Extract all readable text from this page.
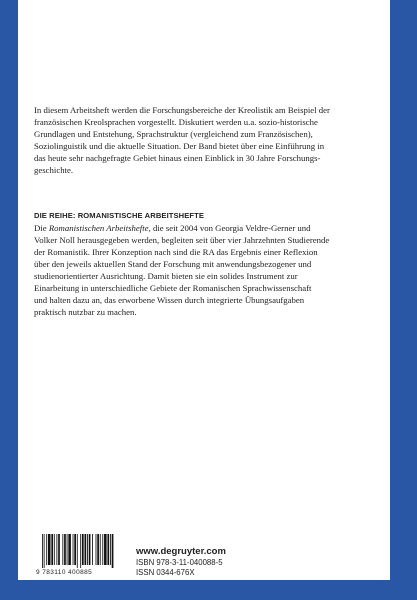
In diesem Arbeitsheft werden die Forschungsbereiche der Kreolistik am Beispiel der

französischen Kreolsprachen vorgestellt. Diskutiert werden u.a. sozio-historische

Grundlagen und Entstehung, Sprachstruktur (vergleichend zum Französischen),

Soziolinguistik und die aktuelle Situation. Der Band bietet über eine Einführung in

das heute sehr nachgefragte Gebiet hinaus einen Einblick in 30 Jahre Forschungs-

geschichte.

DIE REIHE: ROMANISTISCHE ARBEITSHEFTE

Die Romanistischen Arbeitshefte, die seit 2004 von Georgia Veldre-Gerner und

Volker Noll herausgegeben werden, begleiten seit über vier Jahrzehnten Studierende

der Romanistik. Ihrer Konzeption nach sind die RA das Ergebnis einer Reflexion

über den jeweils aktuellen Stand der Forschung mit anwendungsbezogener und

studienorientierter Ausrichtung. Damit bieten sie ein solides Instrument zur

Einarbeitung in unterschiedliche Gebiete der Romanischen Sprachwissenschaft

und halten dazu an, das erworbene Wissen durch integrierte Übungsaufgaben

praktisch nutzbar zu machen.

9 783110 400885

www.degruyter.com

ISBN 978-3-11-040088-5

ISSN 0344-676X
